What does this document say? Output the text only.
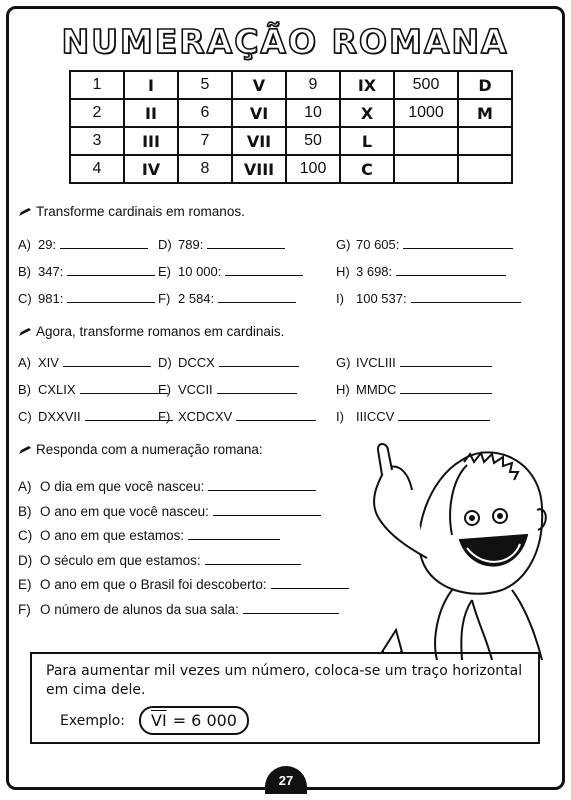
NUMERAÇÃO ROMANA
1	I	5	V	9	IX	500	D
2	II	6	VI	10	X	1000	M
3	III	7	VII	50	L		
4	IV	8	VIII	100	C		
Transforme cardinais em romanos.
A) 29:	D) 789:	G) 70 605:
B) 347:	E) 10 000:	H) 3 698:
C) 981:	F) 2 584:	I) 100 537:
Agora, transforme romanos em cardinais.
A) XIV	D) DCCX	G) IVCLIII
B) CXLIX	E) VCCII	H) MMDC
C) DXXVII	F) XCDCXV	I) IIICCV
Responda com a numeração romana:
A) O dia em que você nasceu:
B) O ano em que você nasceu:
C) O ano em que estamos:
D) O século em que estamos:
E) O ano em que o Brasil foi descoberto:
F) O número de alunos da sua sala:

Para aumentar mil vezes um número, coloca-se um traço horizontal em cima dele.

Exemplo: $\overline{VI} = 6$ 000
27
